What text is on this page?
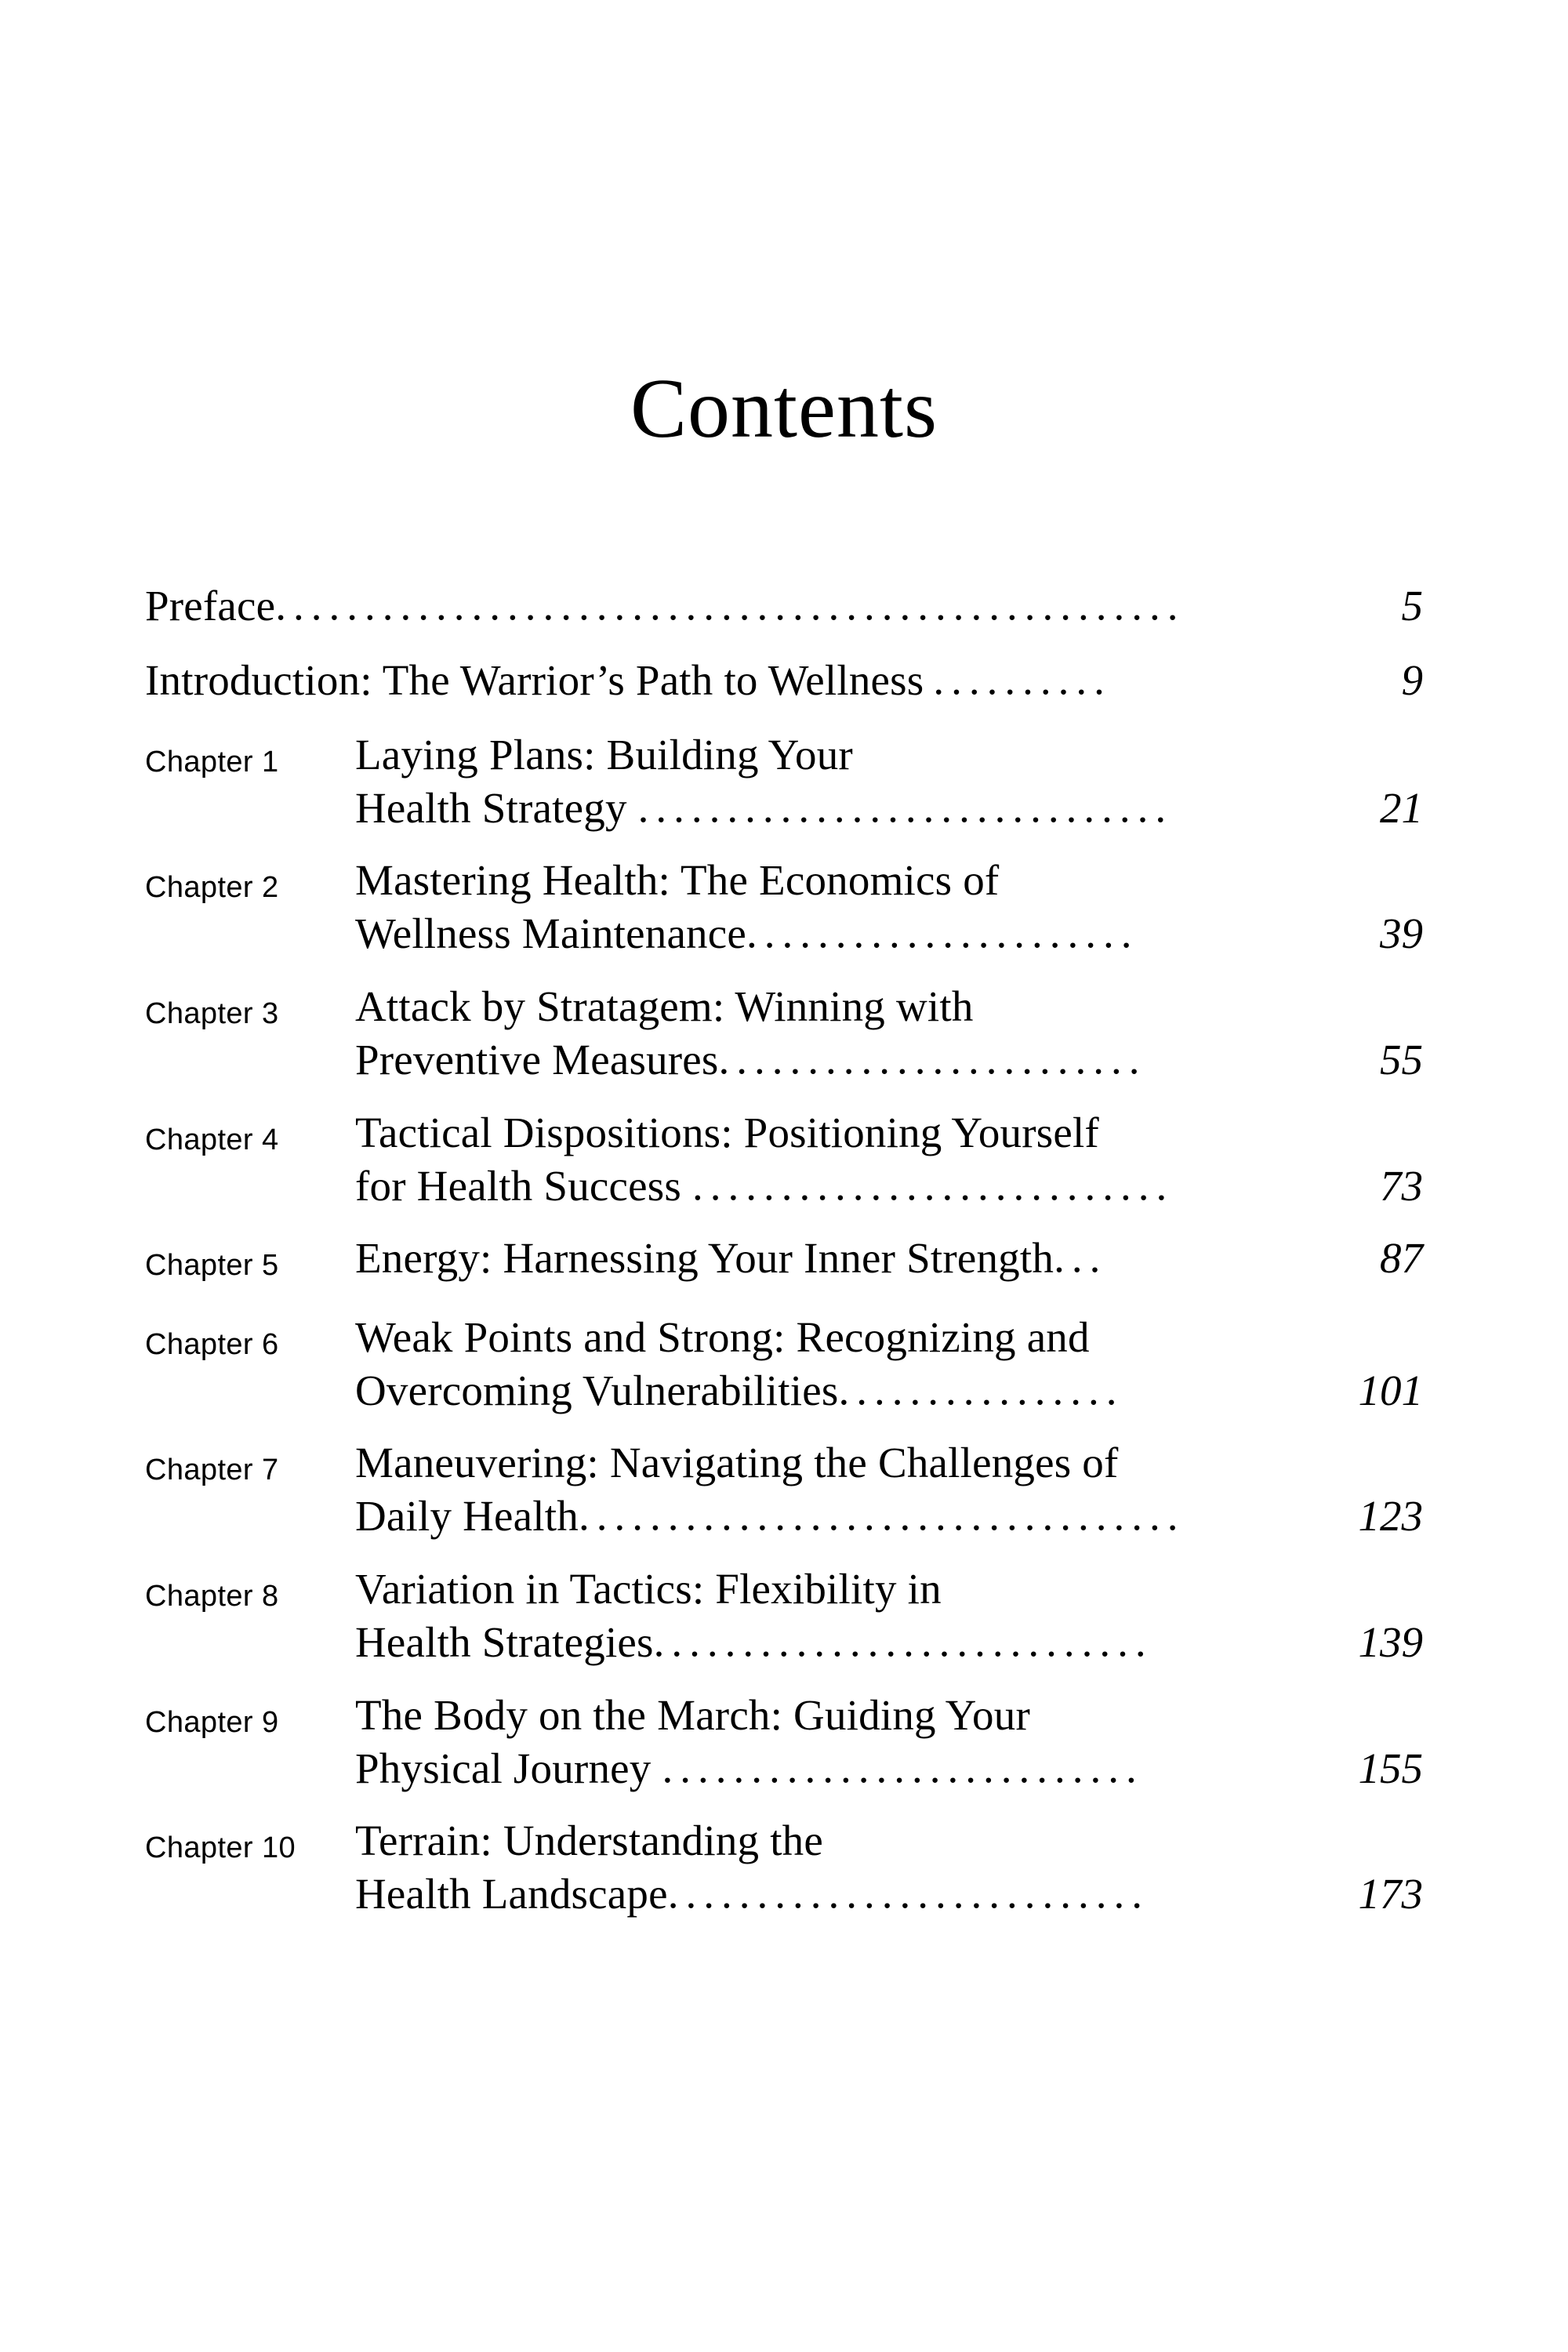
Contents
Preface ...................................................	5
Introduction: The Warrior’s Path to Wellness ..........	9
Chapter 1	Laying Plans: Building Your
Health Strategy ..............................	21
Chapter 2	Mastering Health: The Economics of
Wellness Maintenance ......................	39
Chapter 3	Attack by Stratagem: Winning with
Preventive Measures ........................	55
Chapter 4	Tactical Dispositions: Positioning Yourself
for Health Success ...........................	73
Chapter 5	Energy: Harnessing Your Inner Strength ...	87
Chapter 6	Weak Points and Strong: Recognizing and
Overcoming Vulnerabilities ................	101
Chapter 7	Maneuvering: Navigating the Challenges of
Daily Health ..................................	123
Chapter 8	Variation in Tactics: Flexibility in
Health Strategies ............................	139
Chapter 9	The Body on the March: Guiding Your
Physical Journey ...........................	155
Chapter 10	Terrain: Understanding the
Health Landscape ...........................	173
